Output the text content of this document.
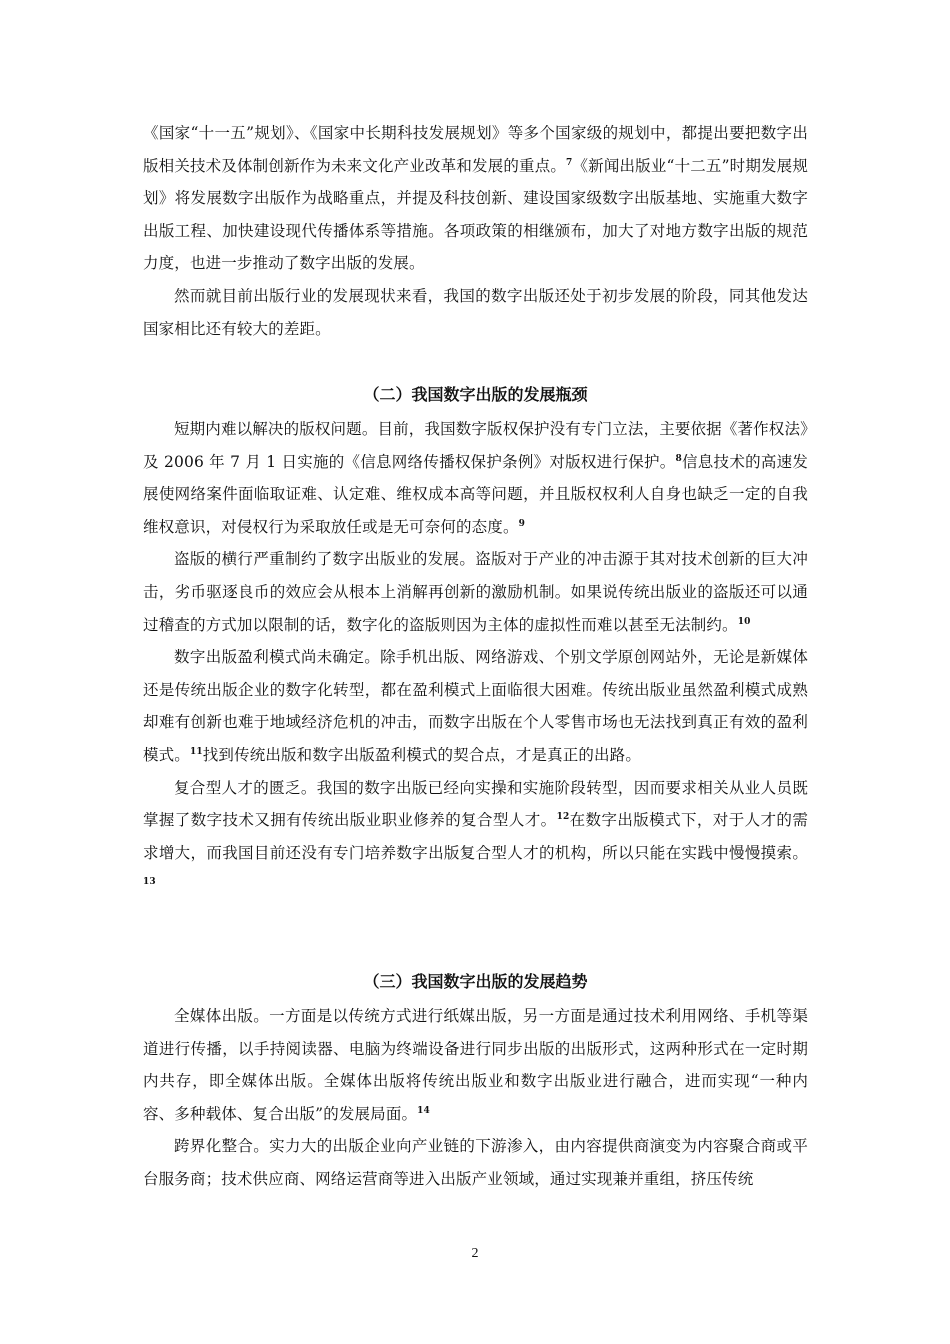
《国家“十一五”规划》、《国家中长期科技发展规划》等多个国家级的规划中，都提出要把数字出版相关技术及体制创新作为未来文化产业改革和发展的重点。$^7$《新闻出版业“十二五”时期发展规划》将发展数字出版作为战略重点，并提及科技创新、建设国家级数字出版基地、实施重大数字出版工程、加快建设现代传播体系等措施。各项政策的相继颁布，加大了对地方数字出版的规范力度，也进一步推动了数字出版的发展。

然而就目前出版行业的发展现状来看，我国的数字出版还处于初步发展的阶段，同其他发达国家相比还有较大的差距。

（二）我国数字出版的发展瓶颈

短期内难以解决的版权问题。目前，我国数字版权保护没有专门立法，主要依据《著作权法》及 2006 年 7 月 1 日实施的《信息网络传播权保护条例》对版权进行保护。$^8$信息技术的高速发展使网络案件面临取证难、认定难、维权成本高等问题，并且版权权利人自身也缺乏一定的自我维权意识，对侵权行为采取放任或是无可奈何的态度。$^9$

盗版的横行严重制约了数字出版业的发展。盗版对于产业的冲击源于其对技术创新的巨大冲击，劣币驱逐良币的效应会从根本上消解再创新的激励机制。如果说传统出版业的盗版还可以通过稽查的方式加以限制的话，数字化的盗版则因为主体的虚拟性而难以甚至无法制约。$^{10}$

数字出版盈利模式尚未确定。除手机出版、网络游戏、个别文学原创网站外，无论是新媒体还是传统出版企业的数字化转型，都在盈利模式上面临很大困难。传统出版业虽然盈利模式成熟却难有创新也难于地域经济危机的冲击，而数字出版在个人零售市场也无法找到真正有效的盈利模式。$^{11}$找到传统出版和数字出版盈利模式的契合点，才是真正的出路。

复合型人才的匮乏。我国的数字出版已经向实操和实施阶段转型，因而要求相关从业人员既掌握了数字技术又拥有传统出版业职业修养的复合型人才。$^{12}$在数字出版模式下，对于人才的需求增大，而我国目前还没有专门培养数字出版复合型人才的机构，所以只能在实践中慢慢摸索。$^{13}$

（三）我国数字出版的发展趋势

全媒体出版。一方面是以传统方式进行纸媒出版，另一方面是通过技术利用网络、手机等渠道进行传播，以手持阅读器、电脑为终端设备进行同步出版的出版形式，这两种形式在一定时期内共存，即全媒体出版。全媒体出版将传统出版业和数字出版业进行融合，进而实现“一种内容、多种载体、复合出版”的发展局面。$^{14}$

跨界化整合。实力大的出版企业向产业链的下游渗入，由内容提供商演变为内容聚合商或平台服务商；技术供应商、网络运营商等进入出版产业领域，通过实现兼并重组，挤压传统

2
